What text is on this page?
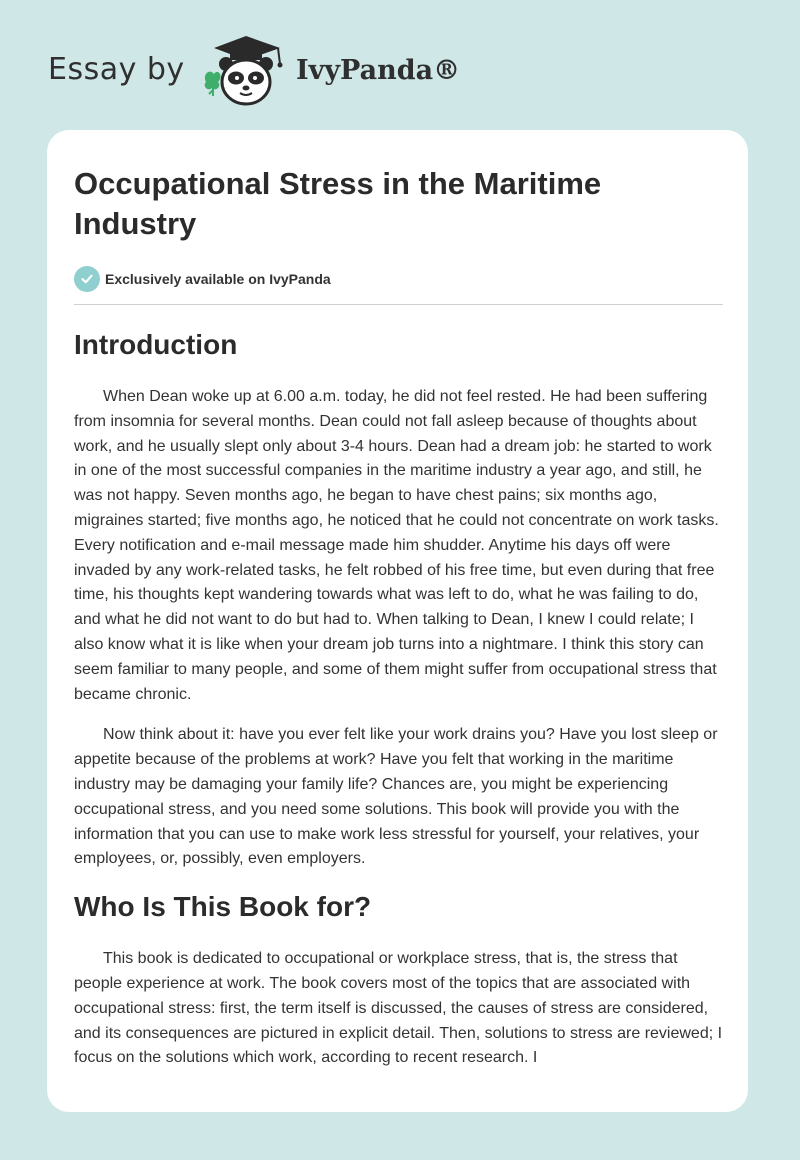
Essay by	IvyPanda®
Occupational Stress in the Maritime Industry
Exclusively available on IvyPanda
Introduction

When Dean woke up at 6.00 a.m. today, he did not feel rested. He had been suffering from insomnia for several months. Dean could not fall asleep because of thoughts about work, and he usually slept only about 3-4 hours. Dean had a dream job: he started to work in one of the most successful companies in the maritime industry a year ago, and still, he was not happy. Seven months ago, he began to have chest pains; six months ago, migraines started; five months ago, he noticed that he could not concentrate on work tasks. Every notification and e-mail message made him shudder. Anytime his days off were invaded by any work-related tasks, he felt robbed of his free time, but even during that free time, his thoughts kept wandering towards what was left to do, what he was failing to do, and what he did not want to do but had to. When talking to Dean, I knew I could relate; I also know what it is like when your dream job turns into a nightmare. I think this story can seem familiar to many people, and some of them might suffer from occupational stress that became chronic.

Now think about it: have you ever felt like your work drains you? Have you lost sleep or appetite because of the problems at work? Have you felt that working in the maritime industry may be damaging your family life? Chances are, you might be experiencing occupational stress, and you need some solutions. This book will provide you with the information that you can use to make work less stressful for yourself, your relatives, your employees, or, possibly, even employers.

Who Is This Book for?

This book is dedicated to occupational or workplace stress, that is, the stress that people experience at work. The book covers most of the topics that are associated with occupational stress: first, the term itself is discussed, the causes of stress are considered, and its consequences are pictured in explicit detail. Then, solutions to stress are reviewed; I focus on the solutions which work, according to recent research. I
